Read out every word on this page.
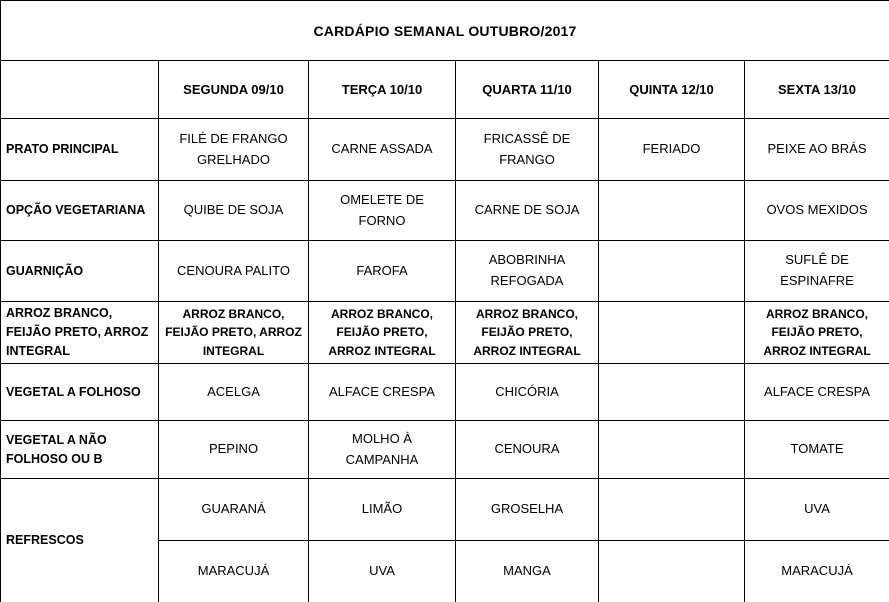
CARDÁPIO SEMANAL OUTUBRO/2017					
	SEGUNDA 09/10	TERÇA 10/10	QUARTA 11/10	QUINTA 12/10	SEXTA 13/10
PRATO PRINCIPAL	FILÉ DE FRANGO GRELHADO	CARNE ASSADA	FRICASSÊ DE FRANGO	FERIADO	PEIXE AO BRÁS
OPÇÃO VEGETARIANA	QUIBE DE SOJA	OMELETE DE FORNO	CARNE DE SOJA		OVOS MEXIDOS
GUARNIÇÃO	CENOURA PALITO	FAROFA	ABOBRINHA REFOGADA		SUFLÊ DE ESPINAFRE
ARROZ BRANCO, FEIJÃO PRETO, ARROZ INTEGRAL	ARROZ BRANCO, FEIJÃO PRETO, ARROZ INTEGRAL	ARROZ BRANCO, FEIJÃO PRETO, ARROZ INTEGRAL	ARROZ BRANCO, FEIJÃO PRETO, ARROZ INTEGRAL		ARROZ BRANCO, FEIJÃO PRETO, ARROZ INTEGRAL
VEGETAL A FOLHOSO	ACELGA	ALFACE CRESPA	CHICÓRIA		ALFACE CRESPA
VEGETAL A NÃO FOLHOSO OU B	PEPINO	MOLHO À CAMPANHA	CENOURA		TOMATE
REFRESCOS	GUARANÁ	LIMÃO	GROSELHA		UVA
	MARACUJÁ	UVA	MANGA		MARACUJÁ
